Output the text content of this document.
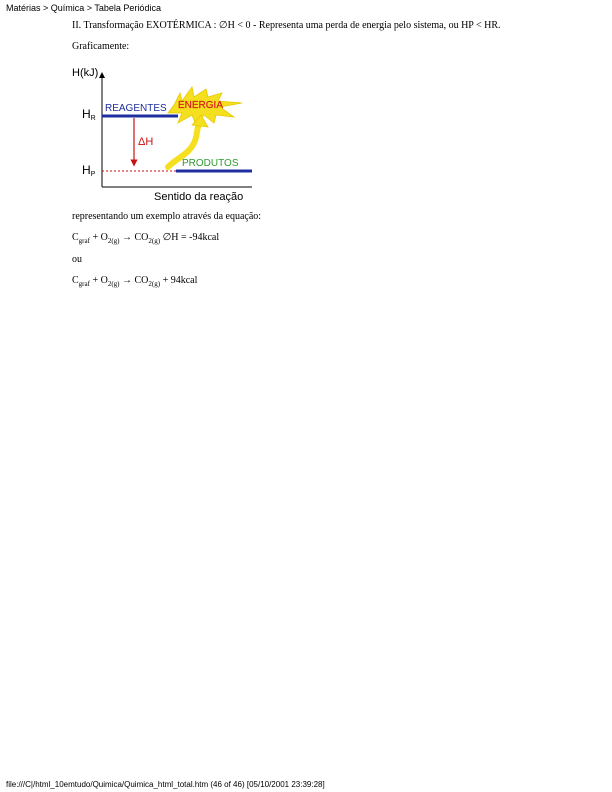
Matérias > Química > Tabela Periódica
II. Transformação EXOTÉRMICA : ∅H < 0 - Representa uma perda de energia pelo sistema, ou HP < HR.
Graficamente:
H(kJ)
HR
REAGENTES ENERGIA
ΔH
HP
PRODUTOS
Sentido da reação
representando um exemplo através da equação:
$C_{graf} + O_{2(g)} \to CO_{2(g)}$ ∅H = -94kcal
ou
$C_{graf} + O_{2(g)} \to CO_{2(g)}$ + 94kcal
file:///C|/html_10emtudo/Quimica/Quimica_html_total.htm (46 of 46) [05/10/2001 23:39:28]
